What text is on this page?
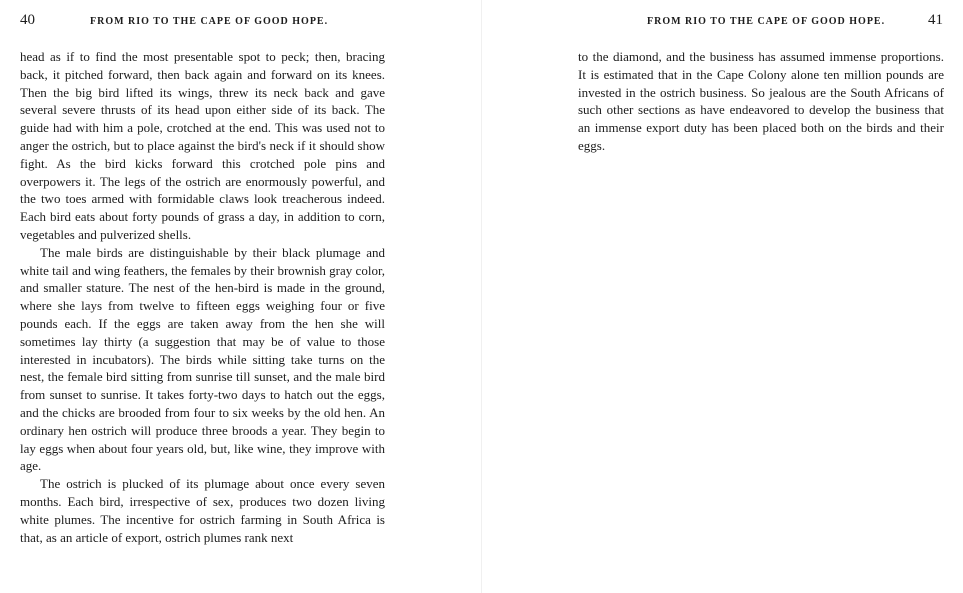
40	FROM RIO TO THE CAPE OF GOOD HOPE.

head as if to find the most presentable spot to peck; then, bracing back, it pitched forward, then back again and forward on its knees. Then the big bird lifted its wings, threw its neck back and gave several severe thrusts of its head upon either side of its back. The guide had with him a pole, crotched at the end. This was used not to anger the ostrich, but to place against the bird's neck if it should show fight. As the bird kicks forward this crotched pole pins and overpowers it. The legs of the ostrich are enormously powerful, and the two toes armed with formidable claws look treacherous indeed. Each bird eats about forty pounds of grass a day, in addition to corn, vegetables and pulverized shells.

The male birds are distinguishable by their black plumage and white tail and wing feathers, the females by their brownish gray color, and smaller stature. The nest of the hen-bird is made in the ground, where she lays from twelve to fifteen eggs weighing four or five pounds each. If the eggs are taken away from the hen she will sometimes lay thirty (a suggestion that may be of value to those interested in incubators). The birds while sitting take turns on the nest, the female bird sitting from sunrise till sunset, and the male bird from sunset to sunrise. It takes forty-two days to hatch out the eggs, and the chicks are brooded from four to six weeks by the old hen. An ordinary hen ostrich will produce three broods a year. They begin to lay eggs when about four years old, but, like wine, they improve with age.

The ostrich is plucked of its plumage about once every seven months. Each bird, irrespective of sex, produces two dozen living white plumes. The incentive for ostrich farming in South Africa is that, as an article of export, ostrich plumes rank next

FROM RIO TO THE CAPE OF GOOD HOPE.	41

to the diamond, and the business has assumed immense proportions. It is estimated that in the Cape Colony alone ten million pounds are invested in the ostrich business. So jealous are the South Africans of such other sections as have endeavored to develop the business that an immense export duty has been placed both on the birds and their eggs.
